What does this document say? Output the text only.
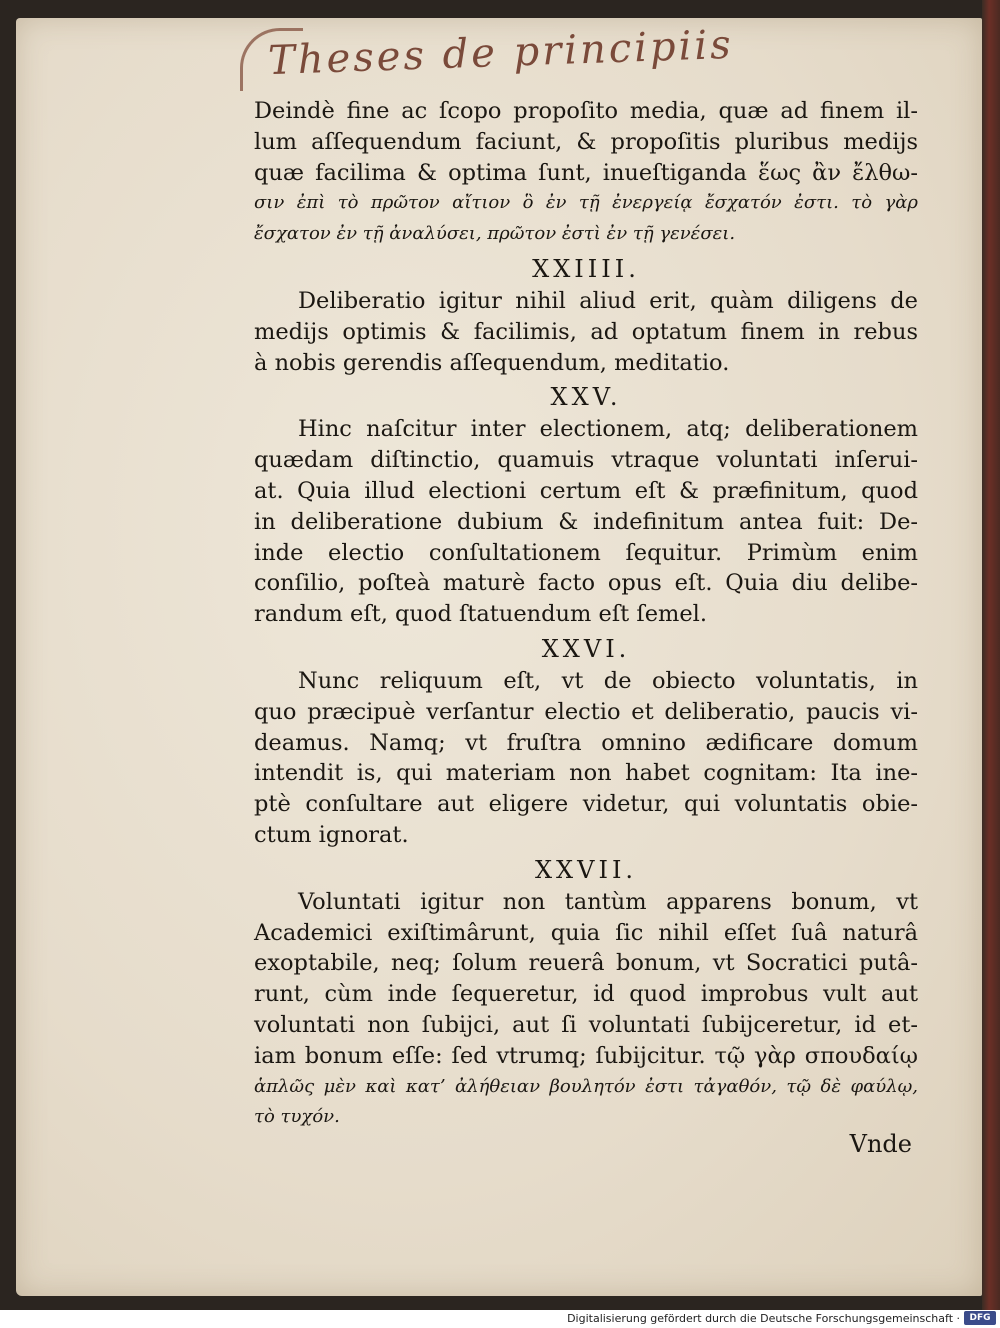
Theses de principiis

Deindè fine ac ſcopo propoſito media, quæ ad finem il-
lum aſſequendum faciunt, & propoſitis pluribus medijs
quæ facilima & optima ſunt, inueſtiganda ἕως ἂν ἔλθω-
σιν ἐπὶ τὸ πρῶτον αἴτιον ὃ ἐν τῇ ἐνεργείᾳ ἔσχατόν ἐστι. τὸ γὰρ
ἔσχατον ἐν τῇ ἀναλύσει, πρῶτον ἐστὶ ἐν τῇ γενέσει.

XXIIII.

Deliberatio igitur nihil aliud erit, quàm diligens de
medijs optimis & facilimis, ad optatum finem in rebus
à nobis gerendis aſſequendum, meditatio.

XXV.

Hinc naſcitur inter electionem, atq; deliberationem
quædam diſtinctio, quamuis vtraque voluntati inſerui-
at. Quia illud electioni certum eſt & præfinitum, quod
in deliberatione dubium & indefinitum antea fuit: De-
inde electio conſultationem ſequitur. Primùm enim
conſilio, poſteà maturè facto opus eſt. Quia diu delibe-
randum eſt, quod ſtatuendum eſt ſemel.

XXVI.

Nunc reliquum eſt, vt de obiecto voluntatis, in
quo præcipuè verſantur electio et deliberatio, paucis vi-
deamus. Namq; vt fruſtra omnino ædificare domum
intendit is, qui materiam non habet cognitam: Ita ine-
ptè conſultare aut eligere videtur, qui voluntatis obie-
ctum ignorat.

XXVII.

Voluntati igitur non tantùm apparens bonum, vt
Academici exiſtimârunt, quia ſic nihil eſſet ſuâ naturâ
exoptabile, neq; ſolum reuerâ bonum, vt Socratici putâ-
runt, cùm inde ſequeretur, id quod improbus vult aut
voluntati non ſubijci, aut ſi voluntati ſubijceretur, id et-
iam bonum eſſe: ſed vtrumq; ſubijcitur. τῷ γὰρ σπουδαίῳ
ἁπλῶς μὲν καὶ κατ’ ἀλήθειαν βουλητόν ἐστι τἀγαθόν, τῷ δὲ φαύλῳ,
τὸ τυχόν.

Vnde
Digitalisierung gefördert durch die Deutsche Forschungsgemeinschaft ·	DFG
